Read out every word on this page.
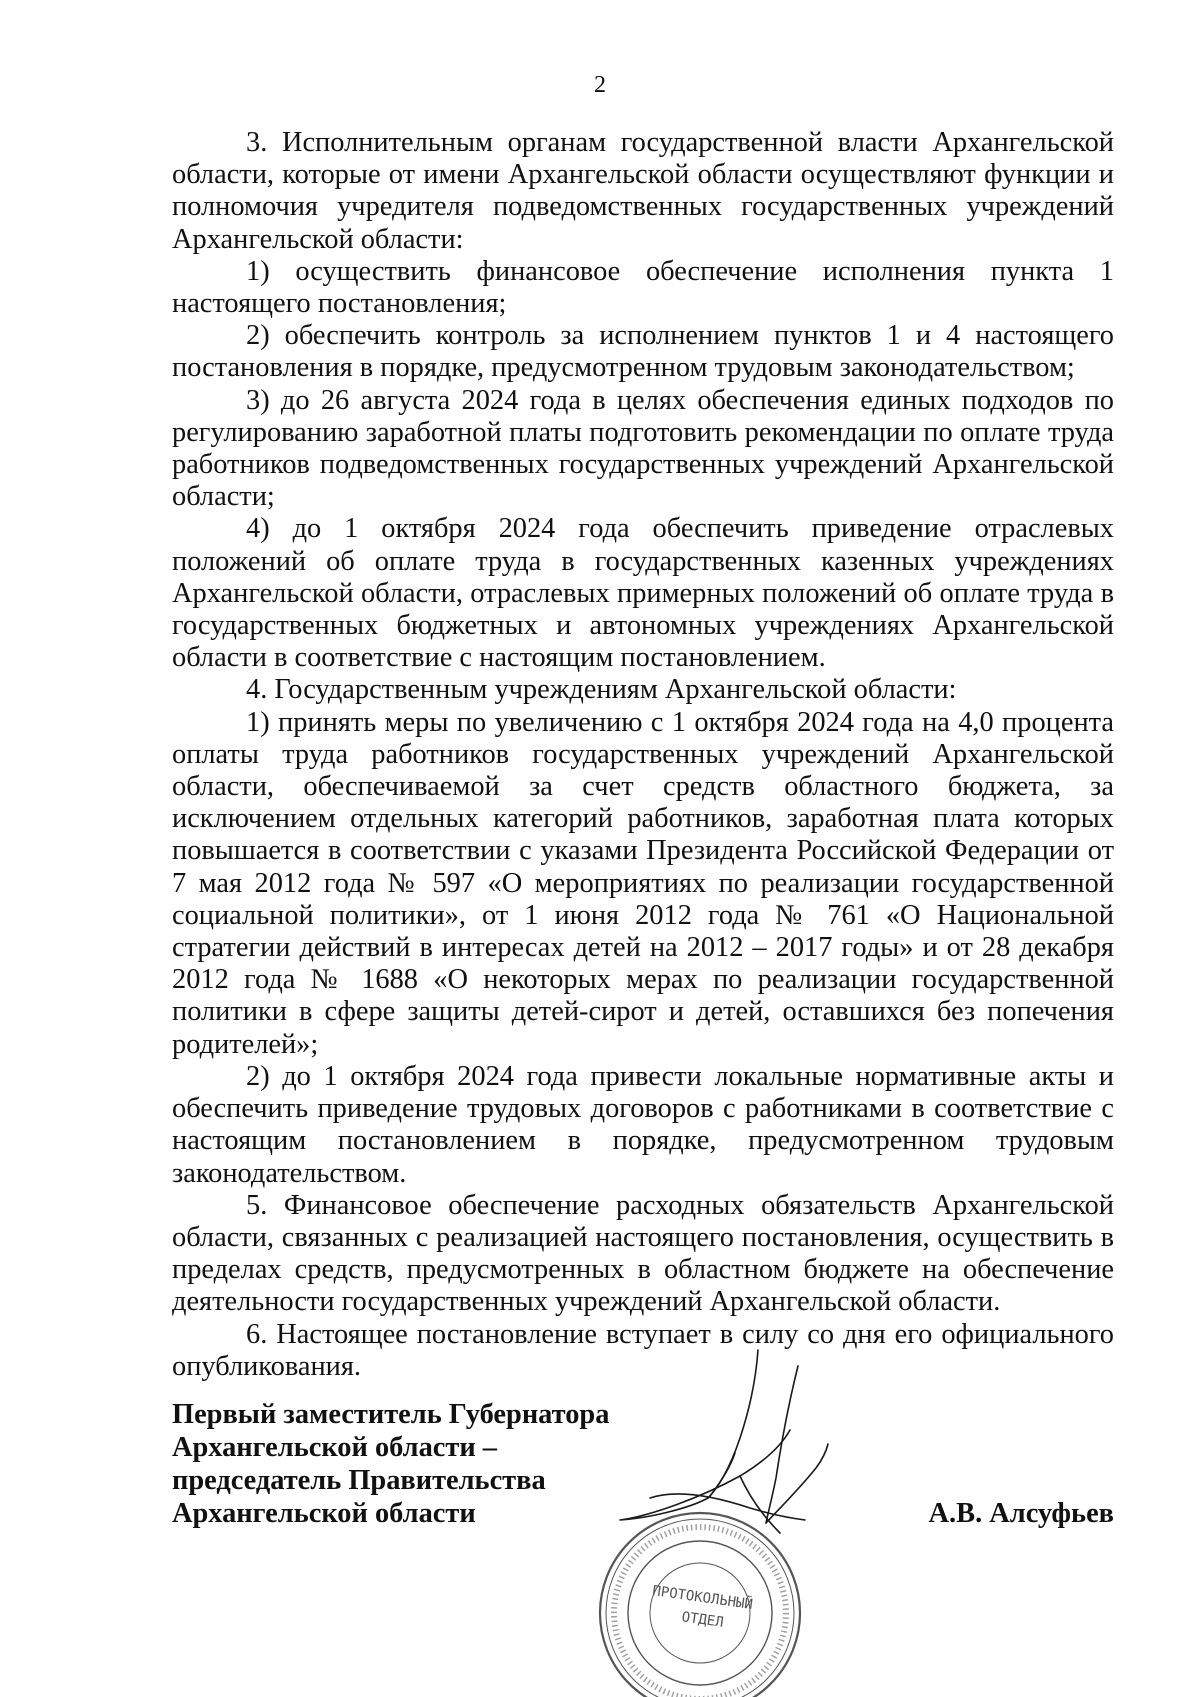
2

3. Исполнительным органам государственной власти Архангельской области, которые от имени Архангельской области осуществляют функции и полномочия учредителя подведомственных государственных учреждений Архангельской области:

1) осуществить финансовое обеспечение исполнения пункта 1 настоящего постановления;

2) обеспечить контроль за исполнением пунктов 1 и 4 настоящего постановления в порядке, предусмотренном трудовым законодательством;

3) до 26 августа 2024 года в целях обеспечения единых подходов по регулированию заработной платы подготовить рекомендации по оплате труда работников подведомственных государственных учреждений Архангельской области;

4) до 1 октября 2024 года обеспечить приведение отраслевых положений об оплате труда в государственных казенных учреждениях Архангельской области, отраслевых примерных положений об оплате труда в государственных бюджетных и автономных учреждениях Архангельской области в соответствие с настоящим постановлением.

4. Государственным учреждениям Архангельской области:

1) принять меры по увеличению с 1 октября 2024 года на 4,0 процента оплаты труда работников государственных учреждений Архангельской области, обеспечиваемой за счет средств областного бюджета, за исключением отдельных категорий работников, заработная плата которых повышается в соответствии с указами Президента Российской Федерации от 7 мая 2012 года № 597 «О мероприятиях по реализации государственной социальной политики», от 1 июня 2012 года № 761 «О Национальной стратегии действий в интересах детей на 2012 – 2017 годы» и от 28 декабря 2012 года № 1688 «О некоторых мерах по реализации государственной политики в сфере защиты детей-сирот и детей, оставшихся без попечения родителей»;

2) до 1 октября 2024 года привести локальные нормативные акты и обеспечить приведение трудовых договоров с работниками в соответствие с настоящим постановлением в порядке, предусмотренном трудовым законодательством.

5. Финансовое обеспечение расходных обязательств Архангельской области, связанных с реализацией настоящего постановления, осуществить в пределах средств, предусмотренных в областном бюджете на обеспечение деятельности государственных учреждений Архангельской области.

6. Настоящее постановление вступает в силу со дня его официального опубликования.

ПРОТОКОЛЬНЫЙ
ОТДЕЛ
Первый заместитель Губернатора
Архангельской области –
председатель Правительства
Архангельской области	А.В. Алсуфьев
